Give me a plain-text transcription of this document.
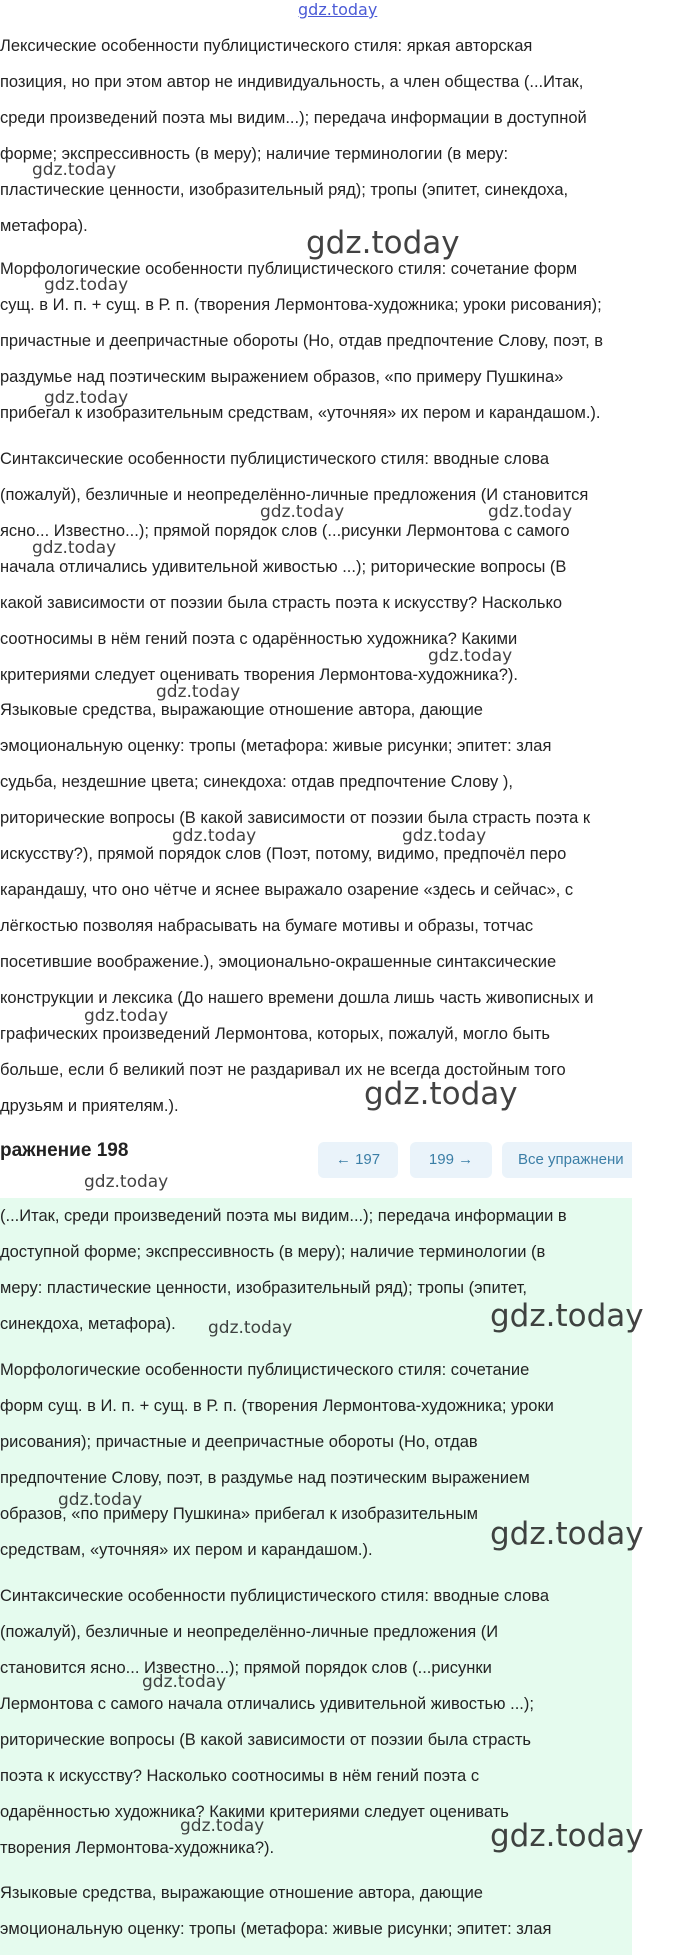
gdz.today
Лексические особенности публицистического стиля: яркая авторская
позиция, но при этом автор не индивидуальность, а член общества (...Итак,
среди произведений поэта мы видим...); передача информации в доступной
форме; экспрессивность (в меру); наличие терминологии (в меру:
пластические ценности, изобразительный ряд); тропы (эпитет, синекдоха,
метафора).
Морфологические особенности публицистического стиля: сочетание форм
сущ. в И. п. + сущ. в Р. п. (творения Лермонтова-художника; уроки рисования);
причастные и деепричастные обороты (Но, отдав предпочтение Слову, поэт, в
раздумье над поэтическим выражением образов, «по примеру Пушкина»
прибегал к изобразительным средствам, «уточняя» их пером и карандашом.).
Синтаксические особенности публицистического стиля: вводные слова
(пожалуй), безличные и неопределённо-личные предложения (И становится
ясно... Известно...); прямой порядок слов (...рисунки Лермонтова с самого
начала отличались удивительной живостью ...); риторические вопросы (В
какой зависимости от поэзии была страсть поэта к искусству? Насколько
соотносимы в нём гений поэта с одарённостью художника? Какими
критериями следует оценивать творения Лермонтова-художника?).
Языковые средства, выражающие отношение автора, дающие
эмоциональную оценку: тропы (метафора: живые рисунки; эпитет: злая
судьба, нездешние цвета; синекдоха: отдав предпочтение Слову ),
риторические вопросы (В какой зависимости от поэзии была страсть поэта к
искусству?), прямой порядок слов (Поэт, потому, видимо, предпочёл перо
карандашу, что оно чётче и яснее выражало озарение «здесь и сейчас», с
лёгкостью позволяя набрасывать на бумаге мотивы и образы, тотчас
посетившие воображение.), эмоционально-окрашенные синтаксические
конструкции и лексика (До нашего времени дошла лишь часть живописных и
графических произведений Лермонтова, которых, пожалуй, могло быть
больше, если б великий поэт не раздаривал их не всегда достойным того
друзьям и приятелям.).
ражнение 198	← 197	199 →	Все упражнени
(...Итак, среди произведений поэта мы видим...); передача информации в
доступной форме; экспрессивность (в меру); наличие терминологии (в
меру: пластические ценности, изобразительный ряд); тропы (эпитет,
синекдоха, метафора).
Морфологические особенности публицистического стиля: сочетание
форм сущ. в И. п. + сущ. в Р. п. (творения Лермонтова-художника; уроки
рисования); причастные и деепричастные обороты (Но, отдав
предпочтение Слову, поэт, в раздумье над поэтическим выражением
образов, «по примеру Пушкина» прибегал к изобразительным
средствам, «уточняя» их пером и карандашом.).
Синтаксические особенности публицистического стиля: вводные слова
(пожалуй), безличные и неопределённо-личные предложения (И
становится ясно... Известно...); прямой порядок слов (...рисунки
Лермонтова с самого начала отличались удивительной живостью ...);
риторические вопросы (В какой зависимости от поэзии была страсть
поэта к искусству? Насколько соотносимы в нём гений поэта с
одарённостью художника? Какими критериями следует оценивать
творения Лермонтова-художника?).
Языковые средства, выражающие отношение автора, дающие
эмоциональную оценку: тропы (метафора: живые рисунки; эпитет: злая
gdz.today
gdz.today
gdz.today
gdz.today
gdz.today	gdz.today
gdz.today
gdz.today
gdz.today
gdz.today	gdz.today
gdz.today
gdz.today
gdz.today
gdz.today
gdz.today
gdz.today
gdz.today
gdz.today
gdz.today	gdz.today
